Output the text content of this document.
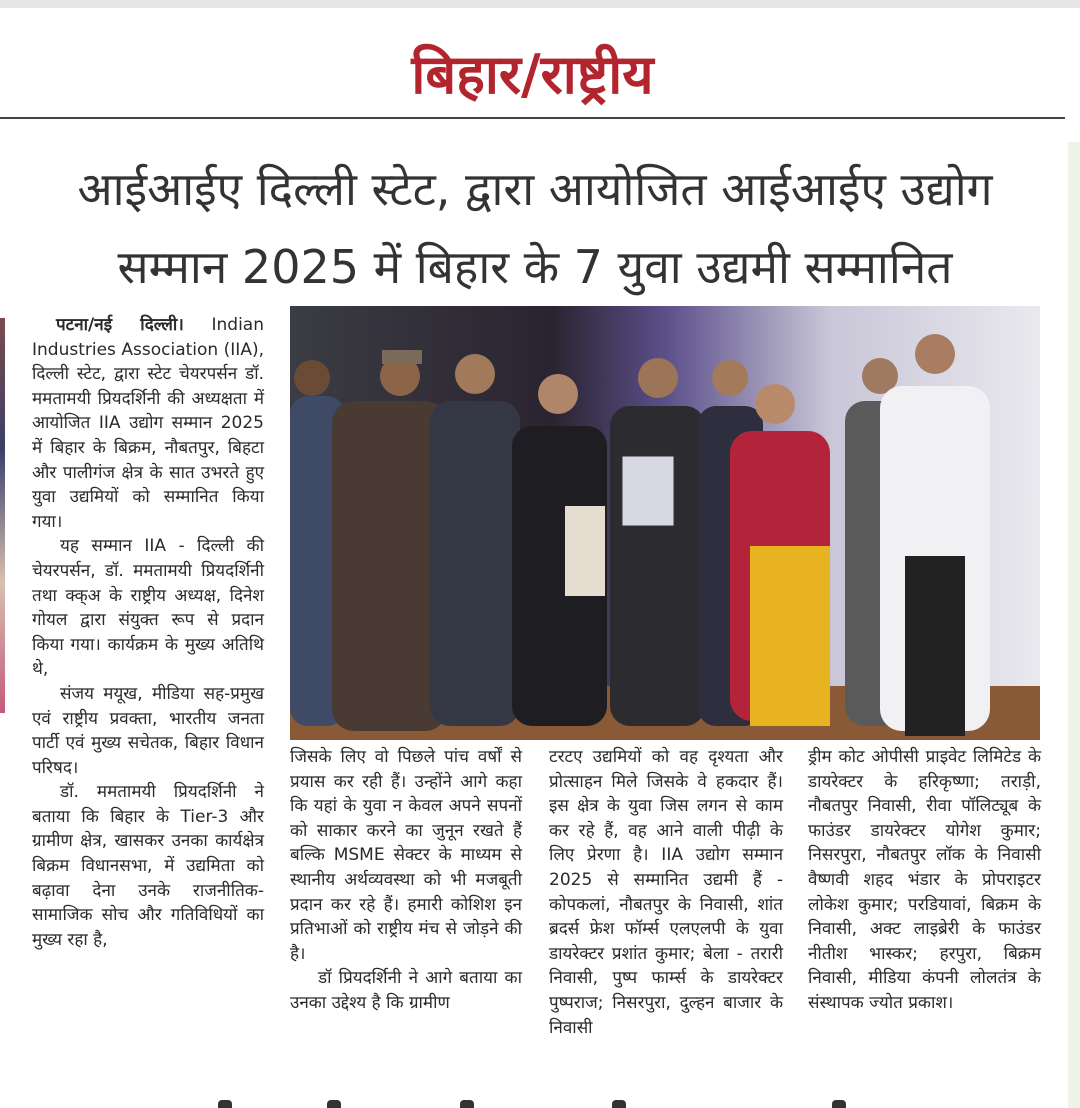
बिहार/राष्ट्रीय
आईआईए दिल्ली स्टेट, द्वारा आयोजित आईआईए उद्योग
सम्मान 2025 में बिहार के 7 युवा उद्यमी सम्मानित

पटना/नई दिल्ली। Indian Industries Association (IIA), दिल्ली स्टेट, द्वारा स्टेट चेयरपर्सन डॉ. ममतामयी प्रियदर्शिनी की अध्यक्षता में आयोजित IIA उद्योग सम्मान 2025 में बिहार के बिक्रम, नौबतपुर, बिहटा और पालीगंज क्षेत्र के सात उभरते हुए युवा उद्यमियों को सम्मानित किया गया।

यह सम्मान IIA - दिल्ली की चेयरपर्सन, डॉ. ममतामयी प्रियदर्शिनी तथा क्क्अ के राष्ट्रीय अध्यक्ष, दिनेश गोयल द्वारा संयुक्त रूप से प्रदान किया गया। कार्यक्रम के मुख्य अतिथि थे,

संजय मयूख, मीडिया सह-प्रमुख एवं राष्ट्रीय प्रवक्ता, भारतीय जनता पार्टी एवं मुख्य सचेतक, बिहार विधान परिषद।

डॉ. ममतामयी प्रियदर्शिनी ने बताया कि बिहार के Tier-3 और ग्रामीण क्षेत्र, खासकर उनका कार्यक्षेत्र बिक्रम विधानसभा, में उद्यमिता को बढ़ावा देना उनके राजनीतिक-सामाजिक सोच और गतिविधियों का मुख्य रहा है,

जिसके लिए वो पिछले पांच वर्षों से प्रयास कर रही हैं। उन्होंने आगे कहा कि यहां के युवा न केवल अपने सपनों को साकार करने का जुनून रखते हैं बल्कि MSME सेक्टर के माध्यम से स्थानीय अर्थव्यवस्था को भी मजबूती प्रदान कर रहे हैं। हमारी कोशिश इन प्रतिभाओं को राष्ट्रीय मंच से जोड़ने की है।

डॉ प्रियदर्शिनी ने आगे बताया का उनका उद्देश्य है कि ग्रामीण

टरटए उद्यमियों को वह दृश्यता और प्रोत्साहन मिले जिसके वे हकदार हैं। इस क्षेत्र के युवा जिस लगन से काम कर रहे हैं, वह आने वाली पीढ़ी के लिए प्रेरणा है। IIA उद्योग सम्मान 2025 से सम्मानित उद्यमी हैं - कोपकलां, नौबतपुर के निवासी, शांत ब्रदर्स फ्रेश फॉर्म्स एलएलपी के युवा डायरेक्टर प्रशांत कुमार; बेला - तरारी निवासी, पुष्प फार्म्स के डायरेक्टर पुष्पराज; निसरपुरा, दुल्हन बाजार के निवासी

ड्रीम कोट ओपीसी प्राइवेट लिमिटेड के डायरेक्टर के हरिकृष्णा; तराड़ी, नौबतपुर निवासी, रीवा पॉलिट्यूब के फाउंडर डायरेक्टर योगेश कुमार; निसरपुरा, नौबतपुर लॉक के निवासी वैष्णवी शहद भंडार के प्रोपराइटर लोकेश कुमार; परडियावां, बिक्रम के निवासी, अक्ट लाइब्रेरी के फाउंडर नीतीश भास्कर; हरपुरा, बिक्रम निवासी, मीडिया कंपनी लोलतंत्र के संस्थापक ज्योत प्रकाश।
